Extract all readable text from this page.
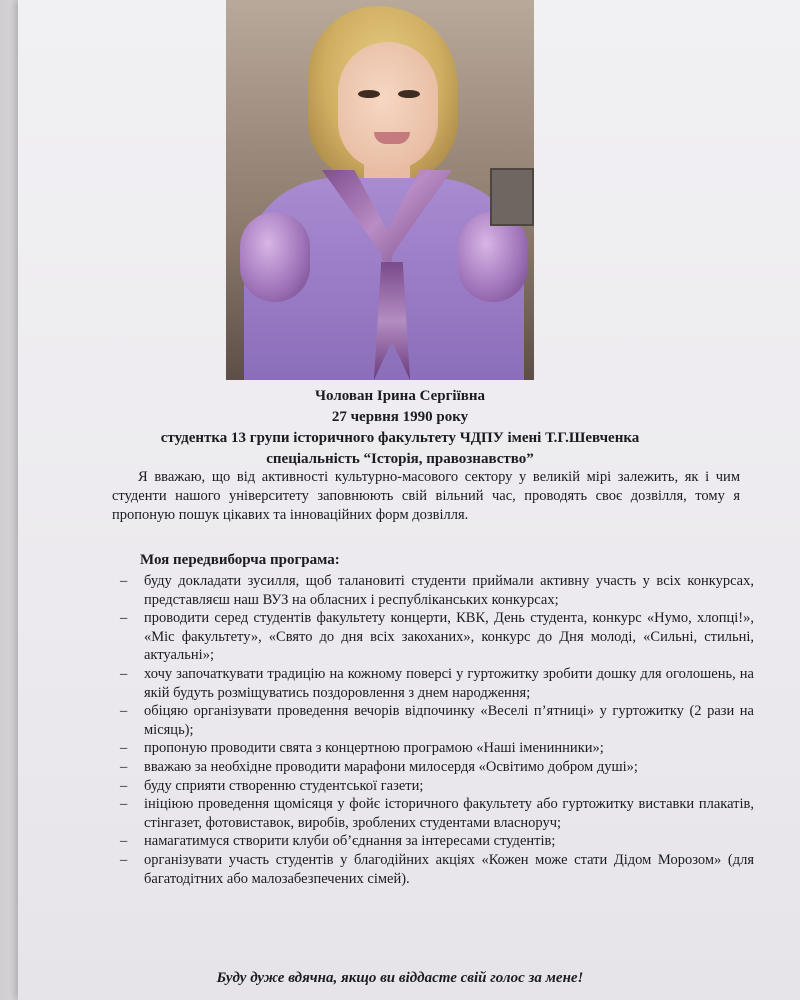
Чолован Ірина Сергіївна
27 червня 1990 року
студентка 13 групи історичного факультету ЧДПУ імені Т.Г.Шевченка
спеціальність “Історія, правознавство”
Я вважаю, що від активності культурно-масового сектору у великій мірі залежить, як і чим студенти нашого університету заповнюють свій вільний час, проводять своє дозвілля, тому я пропоную пошук цікавих та інноваційних форм дозвілля.
Моя передвиборча програма:
– буду докладати зусилля, щоб талановиті студенти приймали активну участь у всіх конкурсах, представляєш наш ВУЗ на обласних і республіканських конкурсах;
– проводити серед студентів факультету концерти, КВК, День студента, конкурс «Нумо, хлопці!», «Міс факультету», «Свято до дня всіх закоханих», конкурс до Дня молоді, «Сильні, стильні, актуальні»;
– хочу започаткувати традицію на кожному поверсі у гуртожитку зробити дошку для оголошень, на якій будуть розміщуватись поздоровлення з днем народження;
– обіцяю організувати проведення вечорів відпочинку «Веселі п’ятниці» у гуртожитку (2 рази на місяць);
– пропоную проводити свята з концертною програмою «Наші іменинники»;
– вважаю за необхідне проводити марафони милосердя «Освітимо добром душі»;
– буду сприяти створенню студентської газети;
– ініціюю проведення щомісяця у фойє історичного факультету або гуртожитку виставки плакатів, стінгазет, фотовиставок, виробів, зроблених студентами власноруч;
– намагатимуся створити клуби об’єднання за інтересами студентів;
– організувати участь студентів у благодійних акціях «Кожен може стати Дідом Морозом» (для багатодітних або малозабезпечених сімей).
Буду дуже вдячна, якщо ви віддасте свій голос за мене!
